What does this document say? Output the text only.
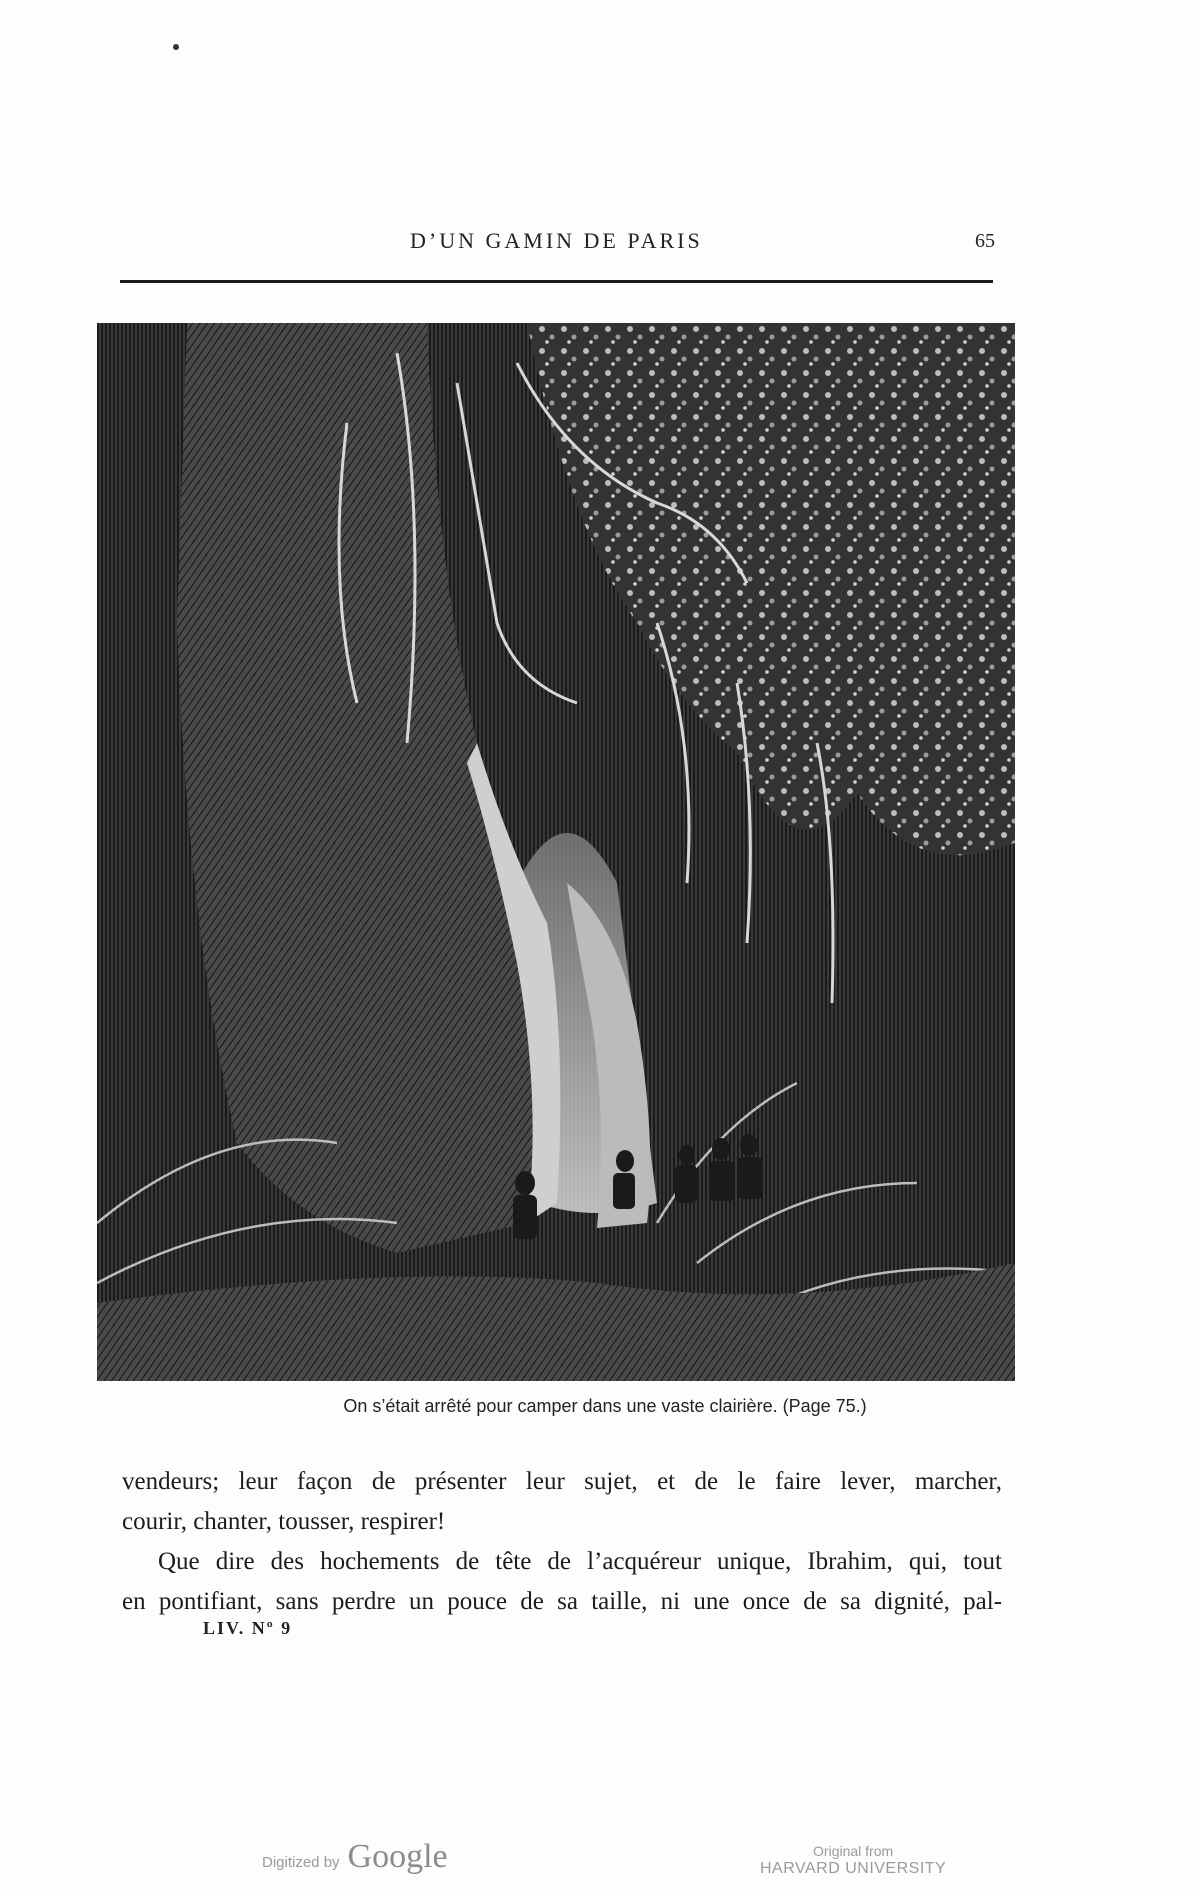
D’UN GAMIN DE PARIS	65
On s’était arrêté pour camper dans une vaste clairière. (Page 75.)
vendeurs; leur façon de présenter leur sujet, et de le faire lever, marcher,
courir, chanter, tousser, respirer!
Que dire des hochements de tête de l’acquéreur unique, Ibrahim, qui, tout
en pontifiant, sans perdre un pouce de sa taille, ni une once de sa dignité, pal-
LIV. Nº 9
Digitized by Google	Original from
HARVARD UNIVERSITY
